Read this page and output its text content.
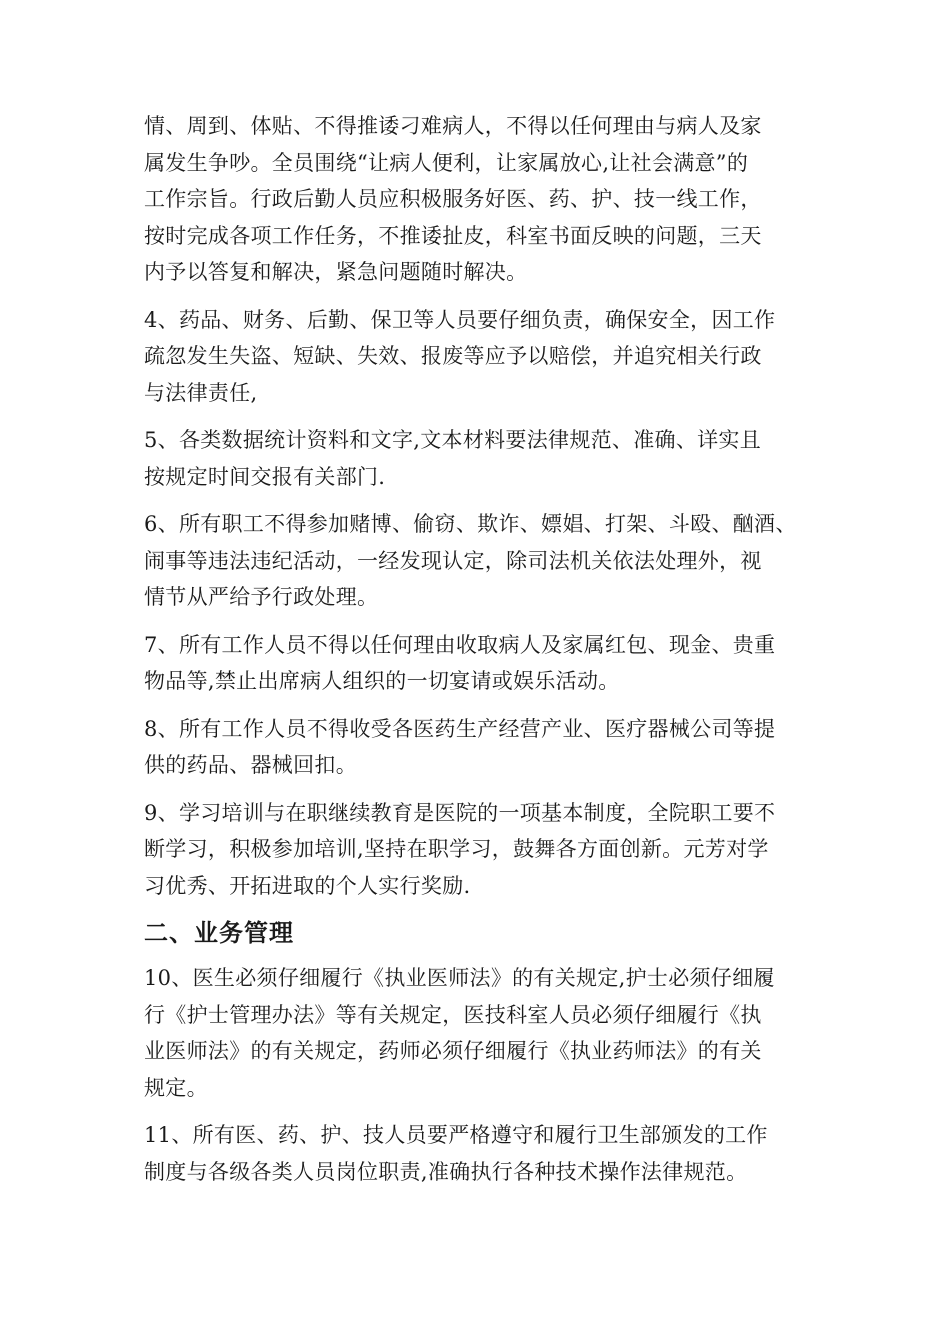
情、周到、体贴、不得推诿刁难病人，不得以任何理由与病人及家
属发生争吵。全员围绕“让病人便利，让家属放心,让社会满意”的
工作宗旨。行政后勤人员应积极服务好医、药、护、技一线工作，
按时完成各项工作任务，不推诿扯皮，科室书面反映的问题，三天
内予以答复和解决，紧急问题随时解决。
4、药品、财务、后勤、保卫等人员要仔细负责，确保安全，因工作
疏忽发生失盗、短缺、失效、报废等应予以赔偿，并追究相关行政
与法律责任,
5、各类数据统计资料和文字,文本材料要法律规范、准确、详实且
按规定时间交报有关部门.
6、所有职工不得参加赌博、偷窃、欺诈、嫖娼、打架、斗殴、酗酒、
闹事等违法违纪活动，一经发现认定，除司法机关依法处理外，视
情节从严给予行政处理。
7、所有工作人员不得以任何理由收取病人及家属红包、现金、贵重
物品等,禁止出席病人组织的一切宴请或娱乐活动。
8、所有工作人员不得收受各医药生产经营产业、医疗器械公司等提
供的药品、器械回扣。
9、学习培训与在职继续教育是医院的一项基本制度，全院职工要不
断学习，积极参加培训,坚持在职学习，鼓舞各方面创新。元芳对学
习优秀、开拓进取的个人实行奖励.
二、业务管理
10、医生必须仔细履行《执业医师法》的有关规定,护士必须仔细履
行《护士管理办法》等有关规定，医技科室人员必须仔细履行《执
业医师法》的有关规定，药师必须仔细履行《执业药师法》的有关
规定。
11、所有医、药、护、技人员要严格遵守和履行卫生部颁发的工作
制度与各级各类人员岗位职责,准确执行各种技术操作法律规范。
